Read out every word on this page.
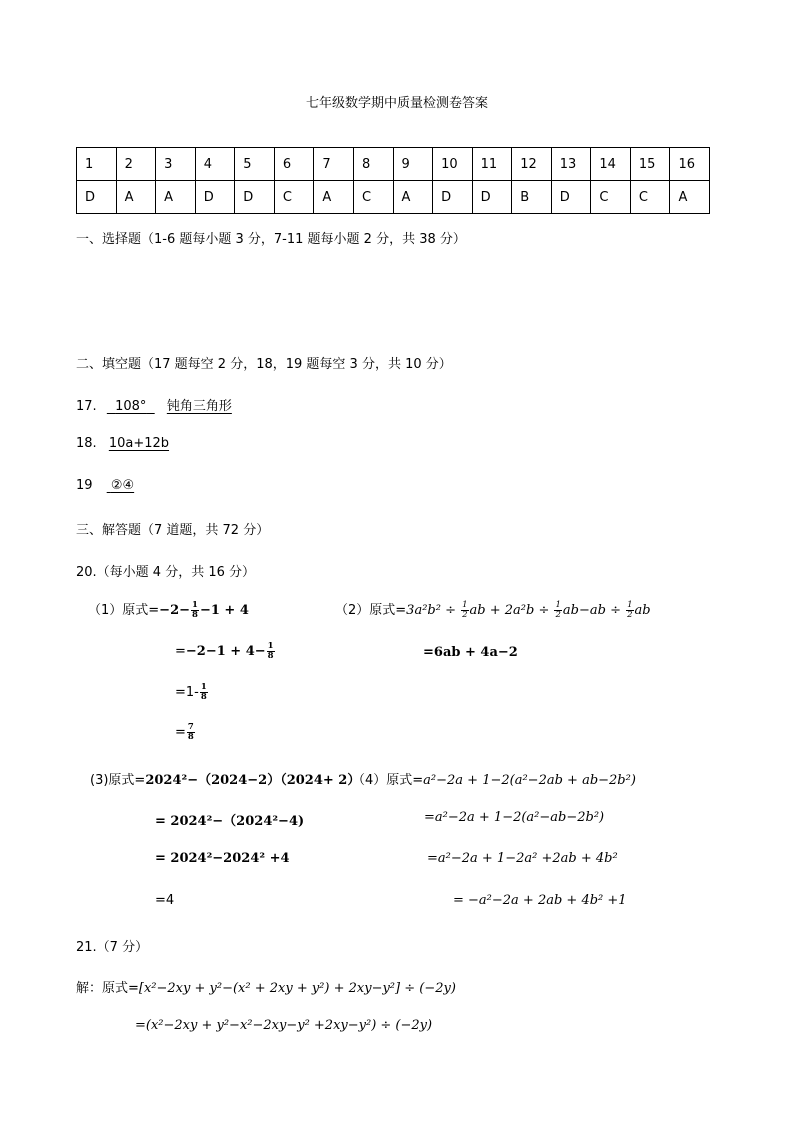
七年级数学期中质量检测卷答案
1	2	3	4	5	6	7	8	9	10	11	12	13	14	15	16
D	A	A	D	D	C	A	C	A	D	D	B	D	C	C	A
一、选择题（1-6 题每小题 3 分，7-11 题每小题 2 分，共 38 分）
二、填空题（17 题每空 2 分，18，19 题每空 3 分，共 10 分）
17. 108° 钝角三角形
18. 10a+12b
19 ②④
三、解答题（7 道题，共 72 分）
20.（每小题 4 分，共 16 分）
（1）原式$=-2- \frac{1}{8} -1 + 4$
$=-2-1 + 4- \frac{1}{8}$
$=1- \frac{1}{8}$
= $\frac{7}{8}$
（2）原式$=3a^2b^2 \div \frac{1}{2}$ ab + $2a^2b \div \frac{1}{2} ab-ab \div \frac{1}{2}$ ab
=6ab + 4a−2
(3)原式=2024²−（2024−2）（2024+ 2）
= 2024²−（2024²−4)
= 2024²−2024² +4
=4
（4）原式=a²−2a + 1−2(a²−2ab + ab−2b²)
=a²−2a + 1−2(a²−ab−2b²)
=a²−2a + 1−2a² +2ab + 4b²
= −a²−2a + 2ab + 4b² +1
21.（7 分）
解：原式=[x²−2xy + y²−(x² + 2xy + y²) + 2xy−y²] ÷ (−2y)
=(x²−2xy + y²−x²−2xy−y² +2xy−y²) ÷ (−2y)
